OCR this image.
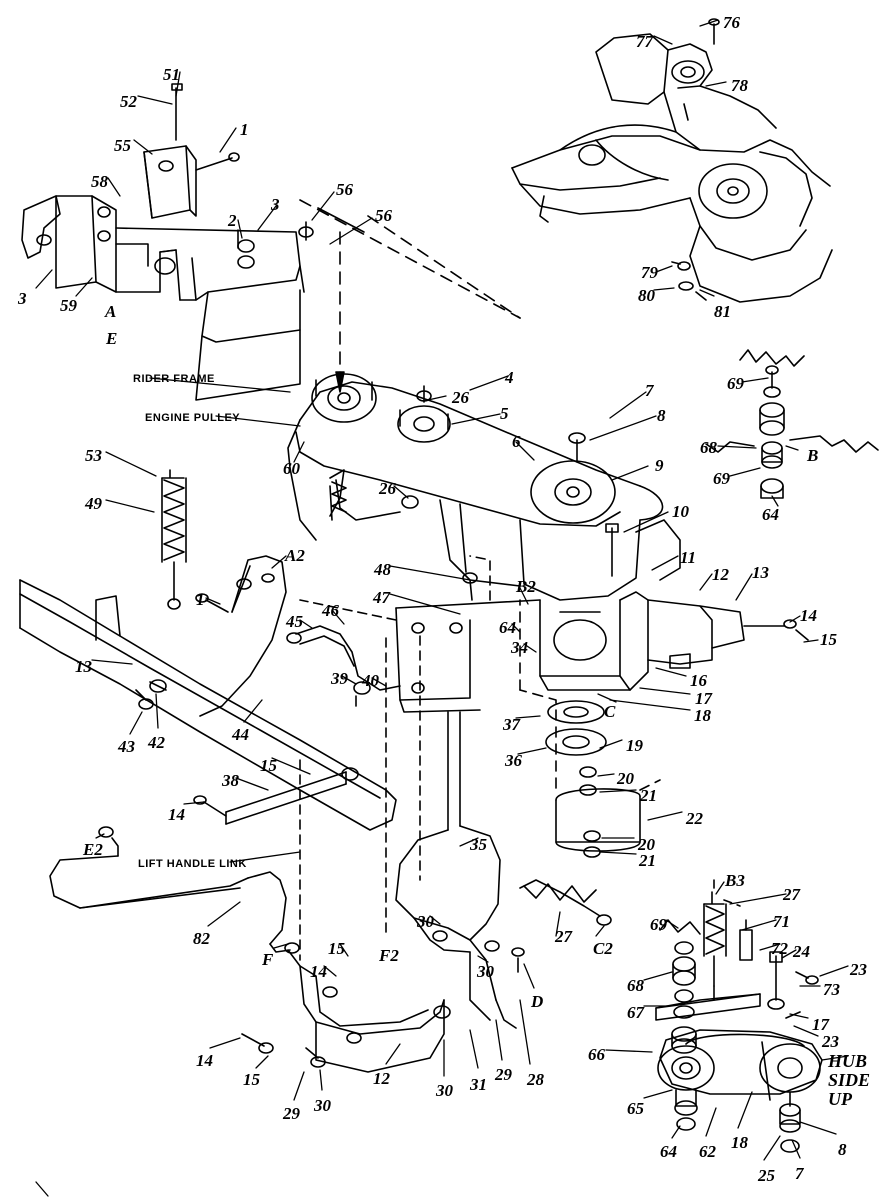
RIDER FRAME
ENGINE PULLEY
LIFT HANDLE LINK
HUB
SIDE
UP
76
77
78
51
52
55
1
58	56
56
3
2
3 59 A
E
79
80
81
4
26
5
7
8
6
9
69
68	B
69
64
53
49
60
26
10
11
12 13
14
15
A2
48
47
B2
64
34
1
13
45
46
39 40
43 42	44
15
38
14
E2
C
16
17
18
37
36
19
20
21
22
20
21
35
82
F
15
14
F2
30
30
27
C2
28
D
14
15
29 30
12
30 31
29
B3
27
71
69
72 24
23
73
68
67
17
23
66
65
64 62 18	8
25 7
